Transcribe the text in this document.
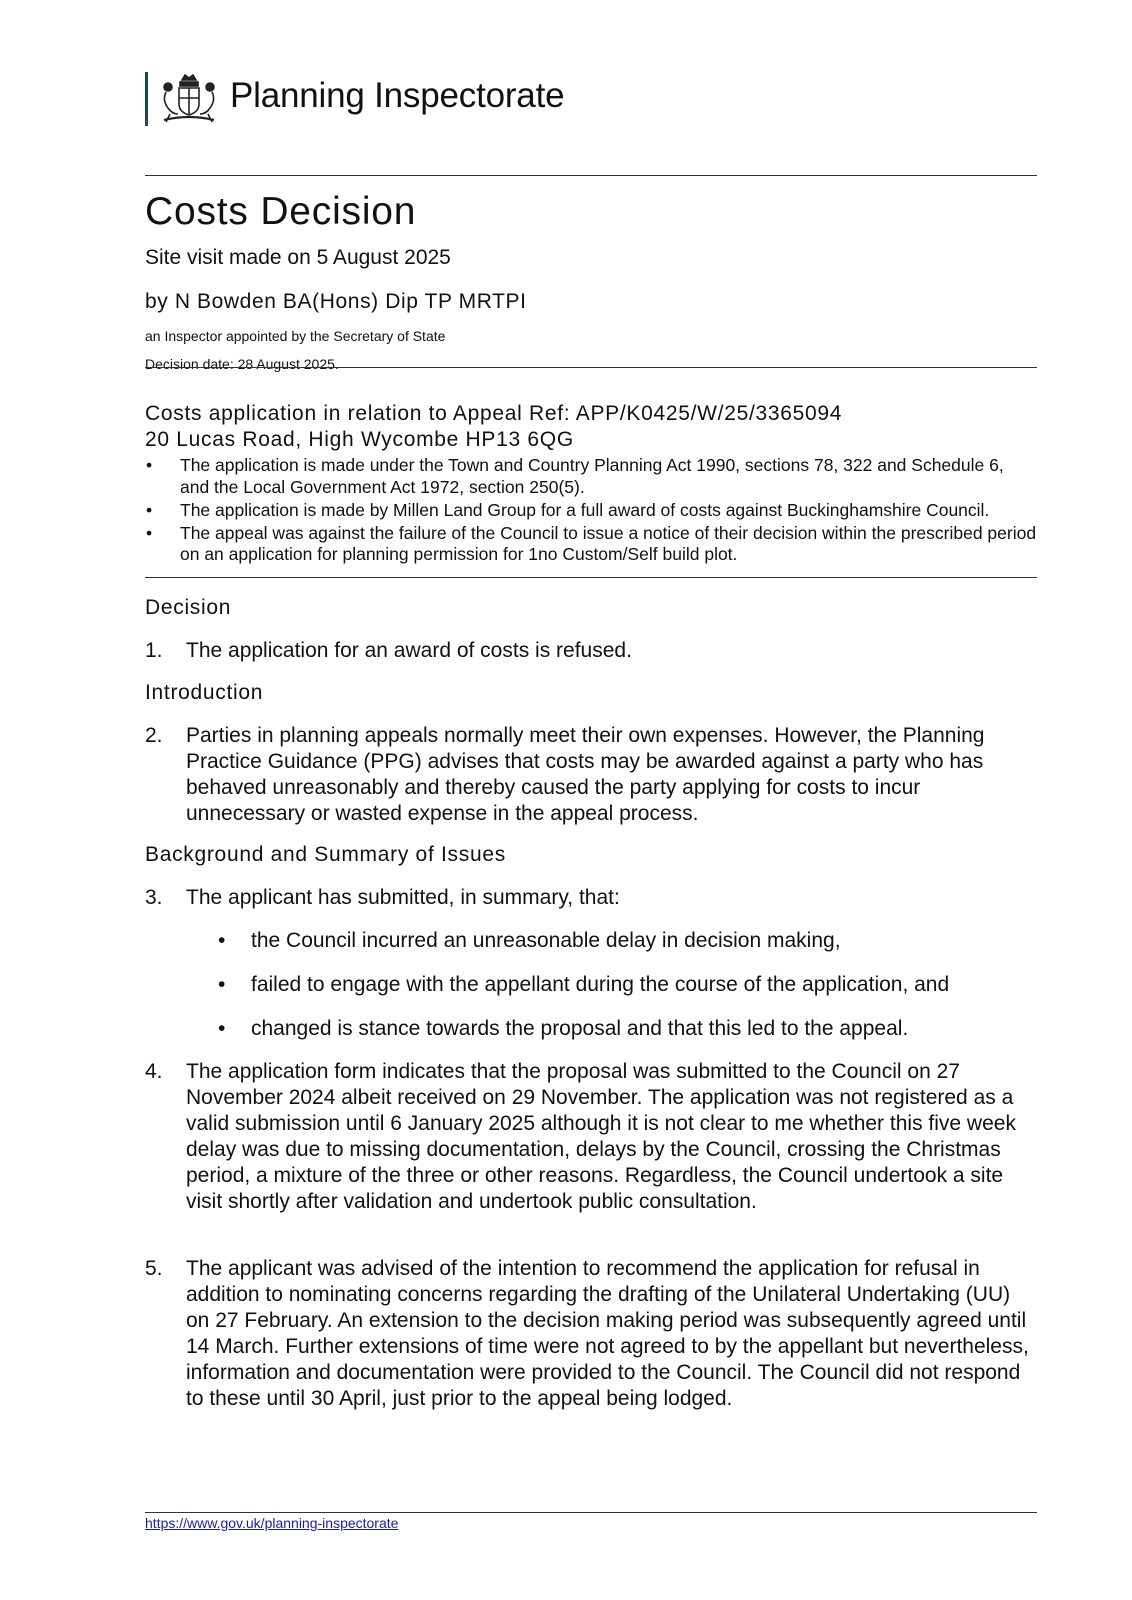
Planning Inspectorate
Costs Decision
Site visit made on 5 August 2025
by N Bowden BA(Hons) Dip TP MRTPI
an Inspector appointed by the Secretary of State
Decision date: 28 August 2025.
Costs application in relation to Appeal Ref: APP/K0425/W/25/3365094
20 Lucas Road, High Wycombe HP13 6QG
• The application is made under the Town and Country Planning Act 1990, sections 78, 322 and Schedule 6, and the Local Government Act 1972, section 250(5).
• The application is made by Millen Land Group for a full award of costs against Buckinghamshire Council.
• The appeal was against the failure of the Council to issue a notice of their decision within the prescribed period on an application for planning permission for 1no Custom/Self build plot.
Decision
1. The application for an award of costs is refused.
Introduction
2. Parties in planning appeals normally meet their own expenses. However, the Planning Practice Guidance (PPG) advises that costs may be awarded against a party who has behaved unreasonably and thereby caused the party applying for costs to incur unnecessary or wasted expense in the appeal process.
Background and Summary of Issues
3. The applicant has submitted, in summary, that:
• the Council incurred an unreasonable delay in decision making,
• failed to engage with the appellant during the course of the application, and
• changed is stance towards the proposal and that this led to the appeal.
4. The application form indicates that the proposal was submitted to the Council on 27 November 2024 albeit received on 29 November. The application was not registered as a valid submission until 6 January 2025 although it is not clear to me whether this five week delay was due to missing documentation, delays by the Council, crossing the Christmas period, a mixture of the three or other reasons. Regardless, the Council undertook a site visit shortly after validation and undertook public consultation.
5. The applicant was advised of the intention to recommend the application for refusal in addition to nominating concerns regarding the drafting of the Unilateral Undertaking (UU) on 27 February. An extension to the decision making period was subsequently agreed until 14 March. Further extensions of time were not agreed to by the appellant but nevertheless, information and documentation were provided to the Council. The Council did not respond to these until 30 April, just prior to the appeal being lodged.
https://www.gov.uk/planning-inspectorate
